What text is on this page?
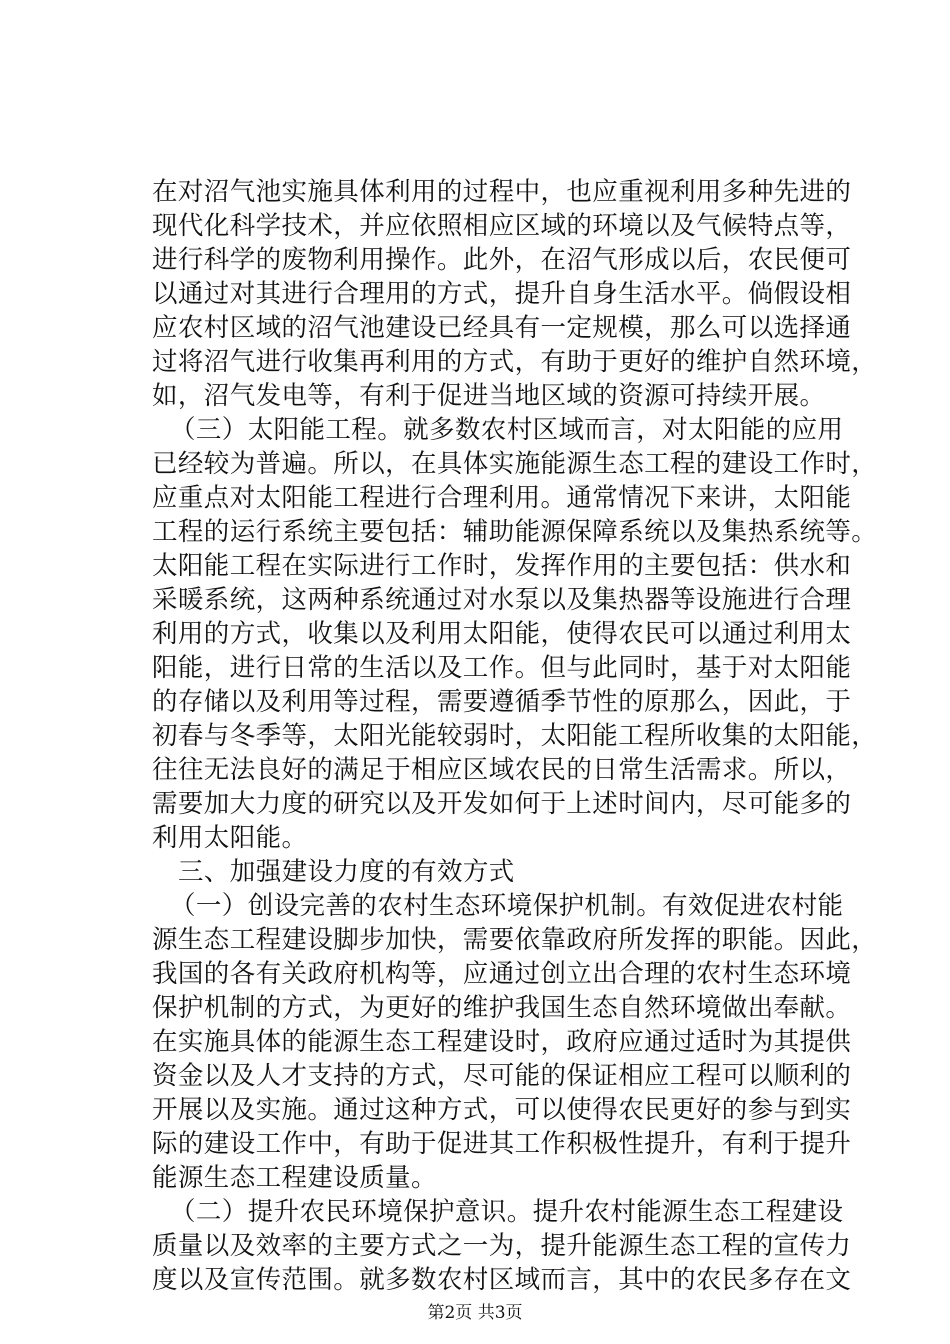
在对沼气池实施具体利用的过程中，也应重视利用多种先进的
现代化科学技术，并应依照相应区域的环境以及气候特点等，
进行科学的废物利用操作。此外，在沼气形成以后，农民便可
以通过对其进行合理用的方式，提升自身生活水平。倘假设相
应农村区域的沼气池建设已经具有一定规模，那么可以选择通
过将沼气进行收集再利用的方式，有助于更好的维护自然环境，
如，沼气发电等，有利于促进当地区域的资源可持续开展。
（三）太阳能工程。就多数农村区域而言，对太阳能的应用
已经较为普遍。所以，在具体实施能源生态工程的建设工作时，
应重点对太阳能工程进行合理利用。通常情况下来讲，太阳能
工程的运行系统主要包括：辅助能源保障系统以及集热系统等。
太阳能工程在实际进行工作时，发挥作用的主要包括：供水和
采暖系统，这两种系统通过对水泵以及集热器等设施进行合理
利用的方式，收集以及利用太阳能，使得农民可以通过利用太
阳能，进行日常的生活以及工作。但与此同时，基于对太阳能
的存储以及利用等过程，需要遵循季节性的原那么，因此，于
初春与冬季等，太阳光能较弱时，太阳能工程所收集的太阳能，
往往无法良好的满足于相应区域农民的日常生活需求。所以，
需要加大力度的研究以及开发如何于上述时间内，尽可能多的
利用太阳能。
三、加强建设力度的有效方式
（一）创设完善的农村生态环境保护机制。有效促进农村能
源生态工程建设脚步加快，需要依靠政府所发挥的职能。因此，
我国的各有关政府机构等，应通过创立出合理的农村生态环境
保护机制的方式，为更好的维护我国生态自然环境做出奉献。
在实施具体的能源生态工程建设时，政府应通过适时为其提供
资金以及人才支持的方式，尽可能的保证相应工程可以顺利的
开展以及实施。通过这种方式，可以使得农民更好的参与到实
际的建设工作中，有助于促进其工作积极性提升，有利于提升
能源生态工程建设质量。
（二）提升农民环境保护意识。提升农村能源生态工程建设
质量以及效率的主要方式之一为，提升能源生态工程的宣传力
度以及宣传范围。就多数农村区域而言，其中的农民多存在文
第2页 共3页
